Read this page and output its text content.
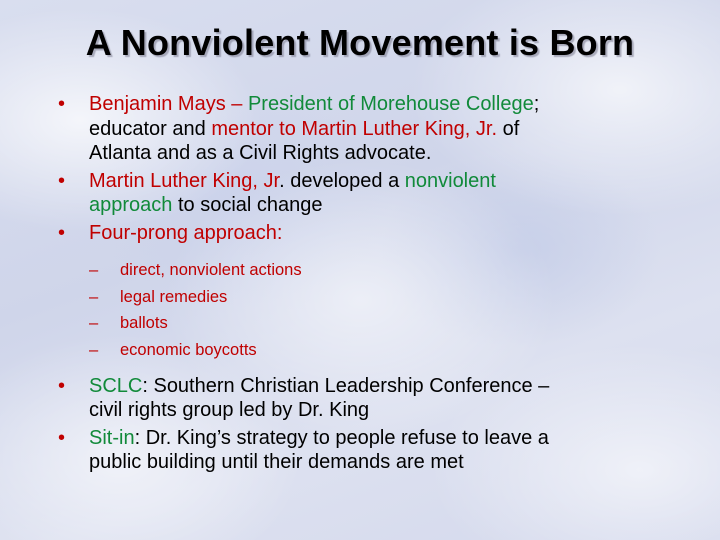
A Nonviolent Movement is Born
• Benjamin Mays – President of Morehouse College;
educator and mentor to Martin Luther King, Jr. of
Atlanta and as a Civil Rights advocate.
• Martin Luther King, Jr. developed a nonviolent
approach to social change
• Four-prong approach:
– direct, nonviolent actions
– legal remedies
– ballots
– economic boycotts
• SCLC: Southern Christian Leadership Conference –
civil rights group led by Dr. King
• Sit-in: Dr. King’s strategy to people refuse to leave a
public building until their demands are met
